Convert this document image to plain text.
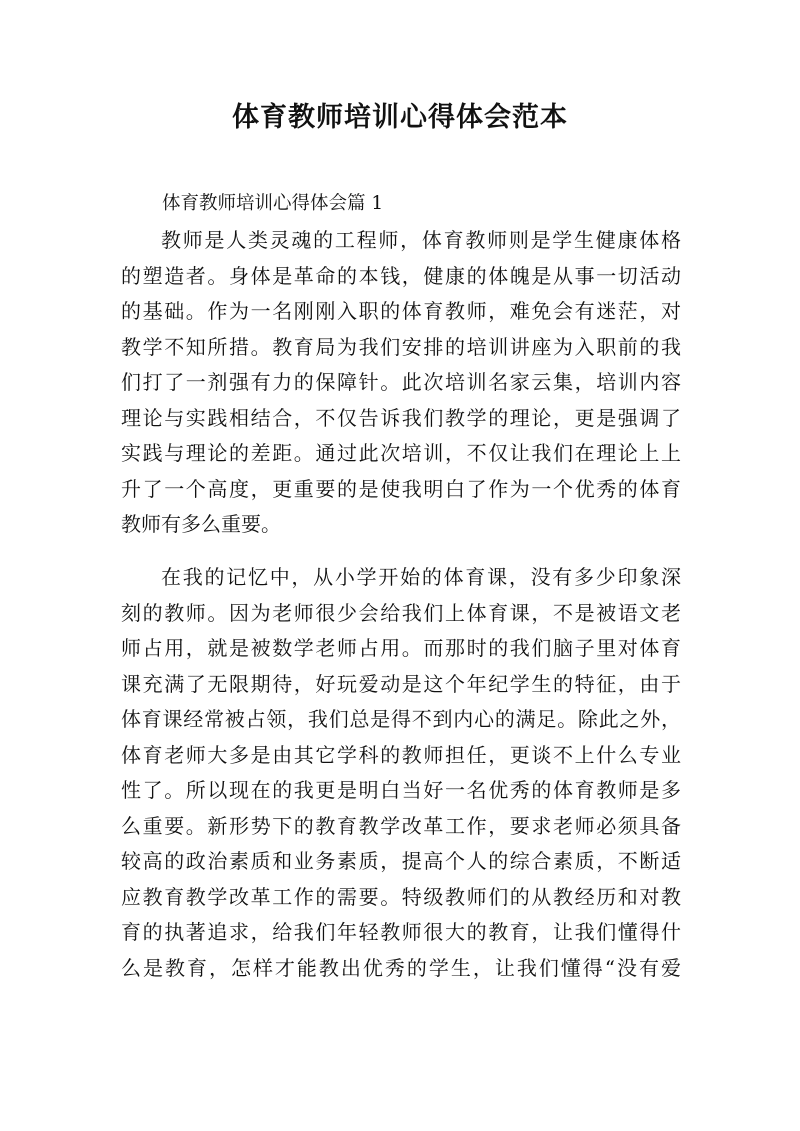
体育教师培训心得体会范本
体育教师培训心得体会篇 1
教师是人类灵魂的工程师，体育教师则是学生健康体格
的塑造者。身体是革命的本钱，健康的体魄是从事一切活动
的基础。作为一名刚刚入职的体育教师，难免会有迷茫，对
教学不知所措。教育局为我们安排的培训讲座为入职前的我
们打了一剂强有力的保障针。此次培训名家云集，培训内容
理论与实践相结合，不仅告诉我们教学的理论，更是强调了
实践与理论的差距。通过此次培训，不仅让我们在理论上上
升了一个高度，更重要的是使我明白了作为一个优秀的体育
教师有多么重要。
在我的记忆中，从小学开始的体育课，没有多少印象深
刻的教师。因为老师很少会给我们上体育课，不是被语文老
师占用，就是被数学老师占用。而那时的我们脑子里对体育
课充满了无限期待，好玩爱动是这个年纪学生的特征，由于
体育课经常被占领，我们总是得不到内心的满足。除此之外，
体育老师大多是由其它学科的教师担任，更谈不上什么专业
性了。所以现在的我更是明白当好一名优秀的体育教师是多
么重要。新形势下的教育教学改革工作，要求老师必须具备
较高的政治素质和业务素质，提高个人的综合素质，不断适
应教育教学改革工作的需要。特级教师们的从教经历和对教
育的执著追求，给我们年轻教师很大的教育，让我们懂得什
么是教育，怎样才能教出优秀的学生，让我们懂得“没有爱
